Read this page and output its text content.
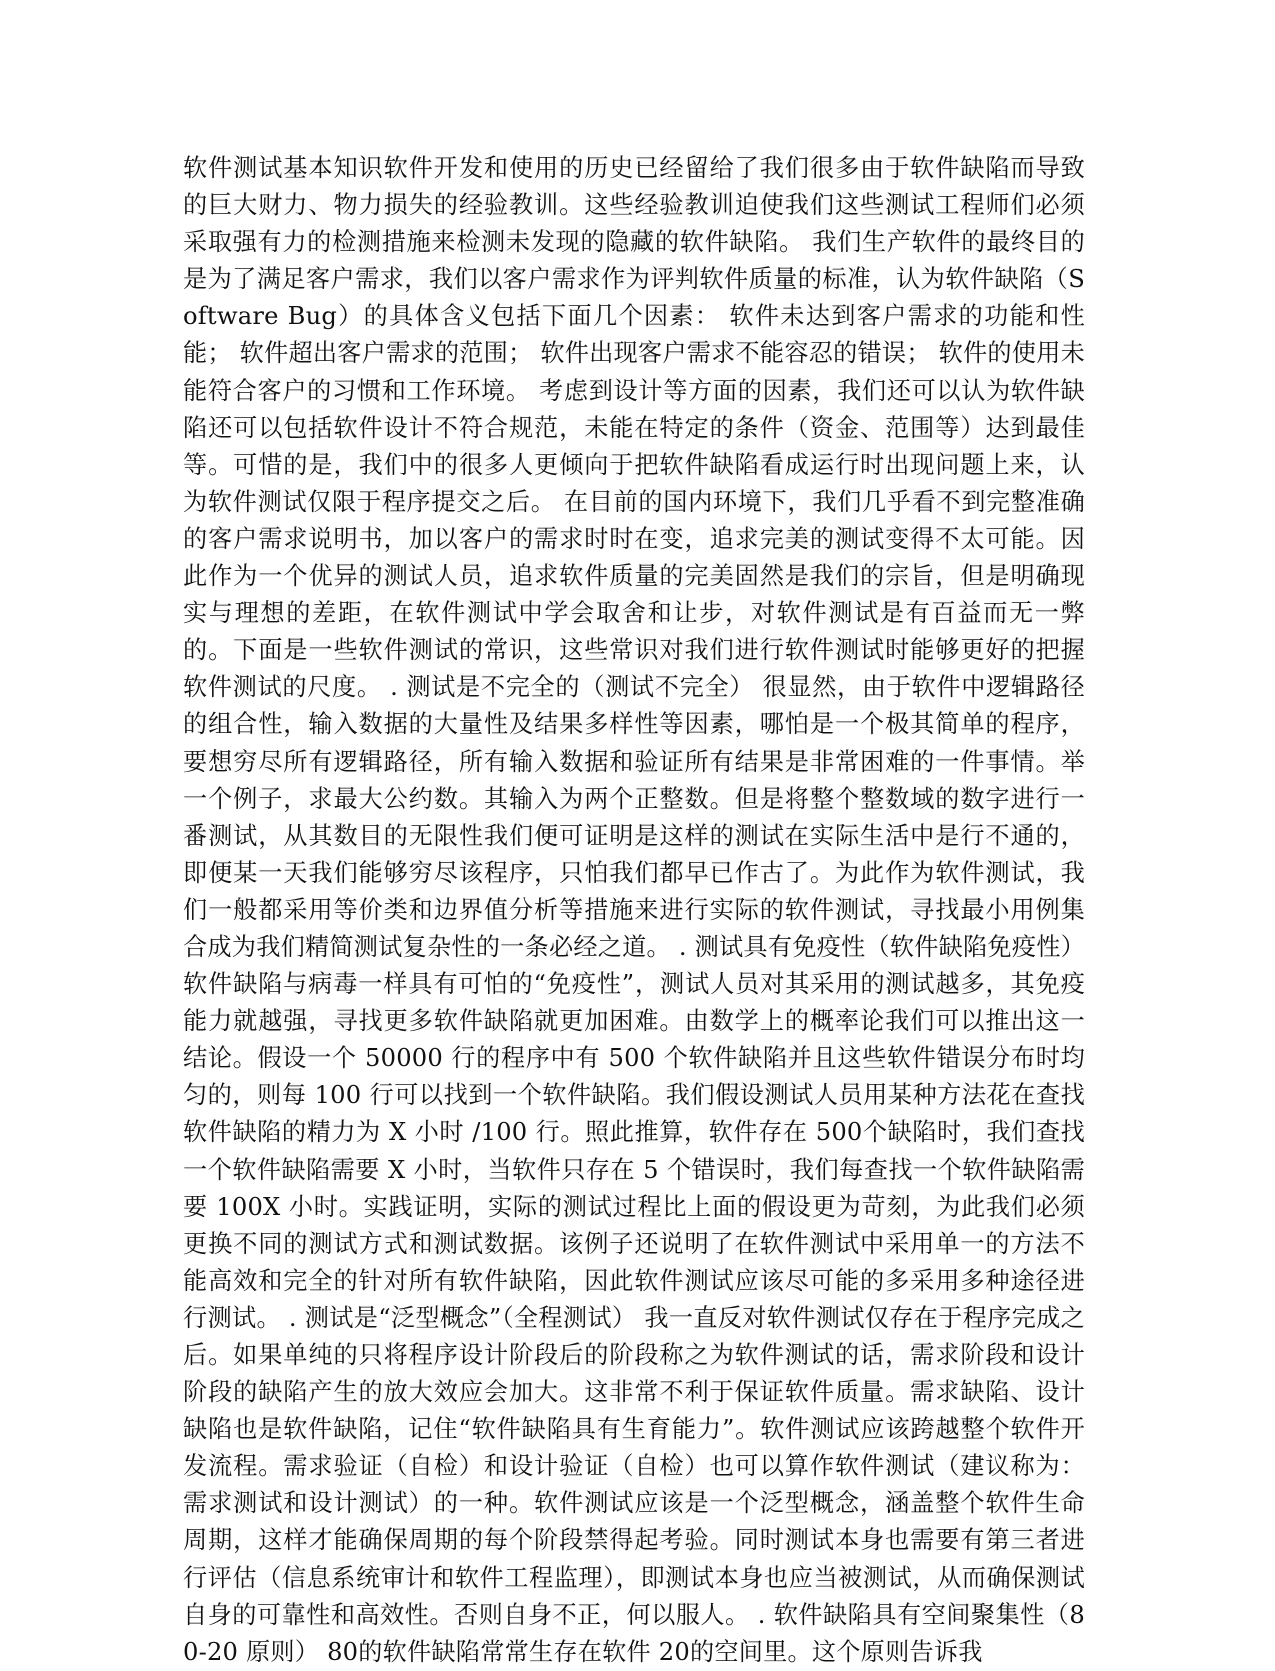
软件测试基本知识软件开发和使用的历史已经留给了我们很多由于软件缺陷而导致的巨大财力、物力损失的经验教训。这些经验教训迫使我们这些测试工程师们必须采取强有力的检测措施来检测未发现的隐藏的软件缺陷。 我们生产软件的最终目的是为了满足客户需求，我们以客户需求作为评判软件质量的标准，认为软件缺陷（Software Bug）的具体含义包括下面几个因素： 软件未达到客户需求的功能和性能； 软件超出客户需求的范围； 软件出现客户需求不能容忍的错误； 软件的使用未能符合客户的习惯和工作环境。 考虑到设计等方面的因素，我们还可以认为软件缺陷还可以包括软件设计不符合规范，未能在特定的条件（资金、范围等）达到最佳等。可惜的是，我们中的很多人更倾向于把软件缺陷看成运行时出现问题上来，认为软件测试仅限于程序提交之后。 在目前的国内环境下，我们几乎看不到完整准确的客户需求说明书，加以客户的需求时时在变，追求完美的测试变得不太可能。因此作为一个优异的测试人员，追求软件质量的完美固然是我们的宗旨，但是明确现实与理想的差距，在软件测试中学会取舍和让步，对软件测试是有百益而无一弊的。下面是一些软件测试的常识，这些常识对我们进行软件测试时能够更好的把握软件测试的尺度。 . 测试是不完全的（测试不完全） 很显然，由于软件中逻辑路径的组合性，输入数据的大量性及结果多样性等因素，哪怕是一个极其简单的程序，要想穷尽所有逻辑路径，所有输入数据和验证所有结果是非常困难的一件事情。举一个例子，求最大公约数。其输入为两个正整数。但是将整个整数域的数字进行一番测试，从其数目的无限性我们便可证明是这样的测试在实际生活中是行不通的，即便某一天我们能够穷尽该程序，只怕我们都早已作古了。为此作为软件测试，我们一般都采用等价类和边界值分析等措施来进行实际的软件测试，寻找最小用例集合成为我们精简测试复杂性的一条必经之道。 . 测试具有免疫性（软件缺陷免疫性） 软件缺陷与病毒一样具有可怕的“免疫性”，测试人员对其采用的测试越多，其免疫能力就越强，寻找更多软件缺陷就更加困难。由数学上的概率论我们可以推出这一结论。假设一个 50000 行的程序中有 500 个软件缺陷并且这些软件错误分布时均匀的，则每 100 行可以找到一个软件缺陷。我们假设测试人员用某种方法花在查找软件缺陷的精力为 X 小时 /100 行。照此推算，软件存在 500个缺陷时，我们查找一个软件缺陷需要 X 小时，当软件只存在 5 个错误时，我们每查找一个软件缺陷需要 100X 小时。实践证明，实际的测试过程比上面的假设更为苛刻，为此我们必须更换不同的测试方式和测试数据。该例子还说明了在软件测试中采用单一的方法不能高效和完全的针对所有软件缺陷，因此软件测试应该尽可能的多采用多种途径进行测试。 . 测试是“泛型概念”（全程测试） 我一直反对软件测试仅存在于程序完成之后。如果单纯的只将程序设计阶段后的阶段称之为软件测试的话，需求阶段和设计阶段的缺陷产生的放大效应会加大。这非常不利于保证软件质量。需求缺陷、设计缺陷也是软件缺陷，记住“软件缺陷具有生育能力”。软件测试应该跨越整个软件开发流程。需求验证（自检）和设计验证（自检）也可以算作软件测试（建议称为：需求测试和设计测试）的一种。软件测试应该是一个泛型概念，涵盖整个软件生命周期，这样才能确保周期的每个阶段禁得起考验。同时测试本身也需要有第三者进行评估（信息系统审计和软件工程监理），即测试本身也应当被测试，从而确保测试自身的可靠性和高效性。否则自身不正，何以服人。 . 软件缺陷具有空间聚集性（80-20 原则） 80的软件缺陷常常生存在软件 20的空间里。这个原则告诉我
